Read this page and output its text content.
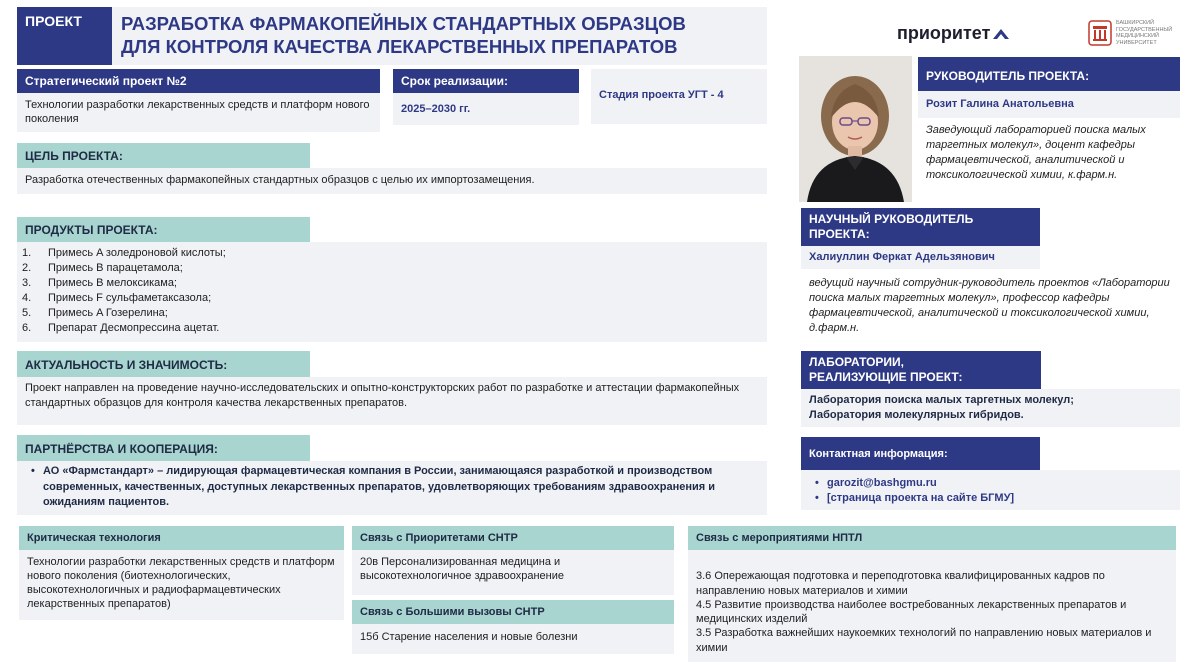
ПРОЕКТ	РАЗРАБОТКА ФАРМАКОПЕЙНЫХ СТАНДАРТНЫХ ОБРАЗЦОВ
ДЛЯ КОНТРОЛЯ КАЧЕСТВА ЛЕКАРСТВЕННЫХ ПРЕПАРАТОВ
приоритет	БАШКИРСКИЙ
ГОСУДАРСТВЕННЫЙ
МЕДИЦИНСКИЙ
УНИВЕРСИТЕТ
Стратегический проект №2
Технологии разработки лекарственных средств и платформ нового поколения
Срок реализации:
2025–2030 гг.
Стадия проекта УГТ - 4
ЦЕЛЬ ПРОЕКТА:
Разработка отечественных фармакопейных стандартных образцов с целью их импортозамещения.
ПРОДУКТЫ ПРОЕКТА:
1.	Примесь A золедроновой кислоты;
2.	Примесь B парацетамола;
3.	Примесь B мелоксикама;
4.	Примесь F сульфаметаксазола;
5.	Примесь A Гозерелина;
6.	Препарат Десмопрессина ацетат.
АКТУАЛЬНОСТЬ И ЗНАЧИМОСТЬ:
Проект направлен на проведение научно-исследовательских и опытно-конструкторских работ по разработке и аттестации фармакопейных стандартных образцов для контроля качества лекарственных препаратов.
ПАРТНЁРСТВА И КООПЕРАЦИЯ:
• АО «Фармстандарт» – лидирующая фармацевтическая компания в России, занимающаяся разработкой и производством современных, качественных, доступных лекарственных препаратов, удовлетворяющих требованиям здравоохранения и ожиданиям пациентов.
Критическая технология
Технологии разработки лекарственных средств и платформ нового поколения (биотехнологических, высокотехнологичных и радиофармацевтических лекарственных препаратов)
Связь с Приоритетами СНТР
20в Персонализированная медицина и высокотехнологичное здравоохранение
Связь с Большими вызовы СНТР
15б Старение населения и новые болезни
Связь с мероприятиями НПТЛ

3.6 Опережающая подготовка и переподготовка квалифицированных кадров по направлению новых материалов и химии
4.5 Развитие производства наиболее востребованных лекарственных препаратов и медицинских изделий
3.5 Разработка важнейших наукоемких технологий по направлению новых материалов и химии

РУКОВОДИТЕЛЬ ПРОЕКТА:
Розит Галина Анатольевна
Заведующий лабораторией поиска малых таргетных молекул», доцент кафедры фармацевтической, аналитической и токсикологической химии, к.фарм.н.
НАУЧНЫЙ РУКОВОДИТЕЛЬ
ПРОЕКТА:
Халиуллин Феркат Адельзянович
ведущий научный сотрудник-руководитель проектов «Лаборатории поиска малых таргетных молекул», профессор кафедры фармацевтической, аналитической и токсикологической химии, д.фарм.н.
ЛАБОРАТОРИИ,
РЕАЛИЗУЮЩИЕ ПРОЕКТ:
Лаборатория поиска малых таргетных молекул;
Лаборатория молекулярных гибридов.
Контактная информация:
• garozit@bashgmu.ru
• [страница проекта на сайте БГМУ]
